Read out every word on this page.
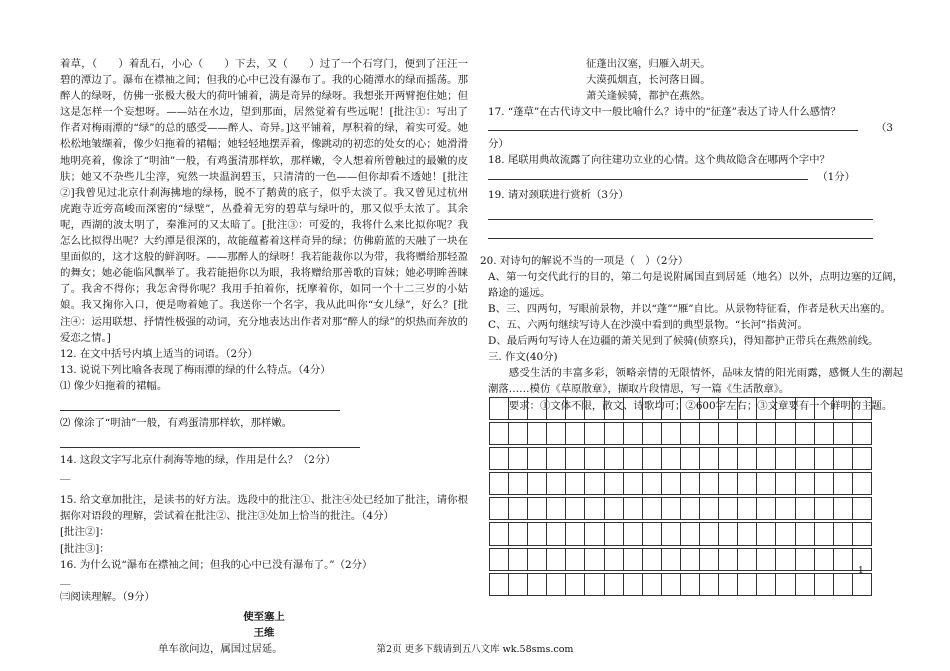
着草，（　　）着乱石，小心（　　）下去，又（　　）过了一个石穹门，便到了汪汪一碧的潭边了。瀑布在襟袖之间；但我的心中已没有瀑布了。我的心随潭水的绿而摇荡。那醉人的绿呀，仿佛一张极大极大的荷叶铺着，满是奇异的绿呀。我想张开两臂抱住她；但这是怎样一个妄想呀。——站在水边，望到那面，居然觉着有些远呢！[批注①：写出了作者对梅雨潭的“绿”的总的感受——醉人、奇异。]这平铺着，厚积着的绿，着实可爱。她松松地皱缬着，像少妇拖着的裙幅；她轻轻地摆弄着，像跳动的初恋的处女的心；她滑滑地明亮着，像涂了“明油”一般，有鸡蛋清那样软，那样嫩，令人想着所曾触过的最嫩的皮肤；她又不杂些儿尘滓，宛然一块温润碧玉，只清清的一色——但你却看不透她！[批注②]我曾见过北京什刹海拂地的绿杨，脱不了鹅黄的底子，似乎太淡了。我又曾见过杭州虎跑寺近旁高峻而深密的“绿壁”，丛叠着无穷的碧草与绿叶的，那又似乎太浓了。其余呢，西湖的波太明了，秦淮河的又太暗了。[批注③：可爱的，我将什么来比拟你呢？我怎么比拟得出呢？大约潭是很深的，故能蕴蓄着这样奇异的绿；仿佛蔚蓝的天融了一块在里面似的，这才这般的鲜润呀。——那醉人的绿呀！我若能裁你以为带，我将赠给那轻盈的舞女；她必能临风飘举了。我若能挹你以为眼，我将赠给那善歌的盲妹；她必明眸善睐了。我舍不得你；我怎舍得你呢？我用手拍着你，抚摩着你，如同一个十二三岁的小姑娘。我又掬你入口，便是吻着她了。我送你一个名字，我从此叫你“女儿绿”，好么？[批注④：运用联想、抒情性极强的动词，充分地表达出作者对那“醉人的绿”的炽热而奔放的爱恋之情。]

12. 在文中括号内填上适当的词语。（2分）

13. 说说下列比喻各表现了梅雨潭的绿的什么特点。（4分）

⑴ 像少妇拖着的裙幅。

⑵ 像涂了“明油”一般，有鸡蛋清那样软，那样嫩。

14. 这段文字写北京什刹海等地的绿，作用是什么？（2分）

＿

15. 给文章加批注，是读书的好方法。选段中的批注①、批注④处已经加了批注，请你根据你对语段的理解，尝试着在批注②、批注③处加上恰当的批注。（4分）

[批注②]：

[批注③]：

16. 为什么说“瀑布在襟袖之间；但我的心中已没有瀑布了。”（2分）

＿

㈢阅读理解。（9分）

使至塞上

王维

单车欲问边，属国过居延。

征蓬出汉塞，归雁入胡天。
大漠孤烟直，长河落日圆。
萧关逢候骑，都护在燕然。

17. “蓬草”在古代诗文中一般比喻什么？诗中的“征蓬”表达了诗人什么感情？

（3

分）

18. 尾联用典故流露了向往建功立业的心情。这个典故隐含在哪两个字中？

（1分）

19. 请对颈联进行赏析（3分）

20. 对诗句的解说不当的一项是（　）（2分）

A、第一句交代此行的目的，第二句是说附属国直到居延（地名）以外，点明边塞的辽阔，路途的遥远。

B、三、四两句，写眼前景物，并以“蓬”“雁”自比。从景物特征看，作者是秋天出塞的。

C、五、六两句继续写诗人在沙漠中看到的典型景物。“长河”指黄河。

D、最后两句写诗人在边疆的萧关见到了候骑(侦察兵)，得知都护正带兵在燕然前线。

三. 作文(40分)

感受生活的丰富多彩，领略亲情的无限情怀，品味友情的阳光雨露，感慨人生的潮起潮落……模仿《草原散章》，撷取片段情思，写一篇《生活散章》。

要求：①文体不限，散文、诗歌均可；②600字左右；③文章要有一个鲜明的主题。

1
第2页 更多下载请到五八文库 wk.58sms.com
